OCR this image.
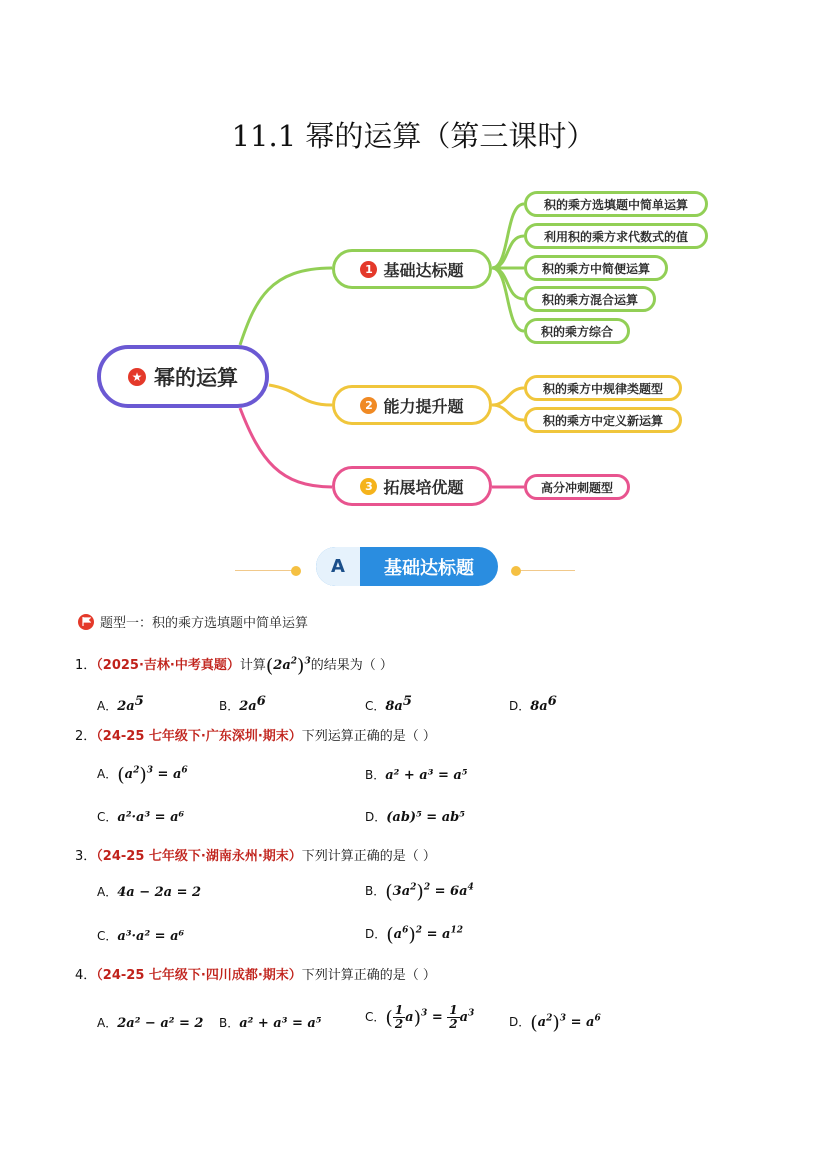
11.1 幂的运算（第三课时）
★ 幂的运算
1 基础达标题
2 能力提升题
3 拓展培优题
积的乘方选填题中简单运算
利用积的乘方求代数式的值
积的乘方中简便运算
积的乘方混合运算
积的乘方综合
积的乘方中规律类题型
积的乘方中定义新运算
高分冲刺题型
A	基础达标题
题型一：积的乘方选填题中简单运算
1．（2025·吉林·中考真题）计算$(2a^2)^3$的结果为（ ）
A．$2a^5$	B．$2a^6$	C．$8a^5$	D．$8a^6$
2．（24-25 七年级下·广东深圳·期末）下列运算正确的是（ ）
A．$(a^2)^3 = a^6$	B．a² + a³ = a⁵
C．a²·a³ = a⁶	D．(ab)⁵ = ab⁵
3．（24-25 七年级下·湖南永州·期末）下列计算正确的是（ ）
A．4a − 2a = 2	B．$(3a^2)^2 = 6a^4$
C．a³·a² = a⁶	D．$(a^6)^2 = a^{12}$
4．（24-25 七年级下·四川成都·期末）下列计算正确的是（ ）
A．2a² − a² = 2 B．a² + a³ = a⁵	C．( $\frac{1}{2} a)^3 = \frac{1}{2} a^3$
D．$(a^2)^3 = a^6$
